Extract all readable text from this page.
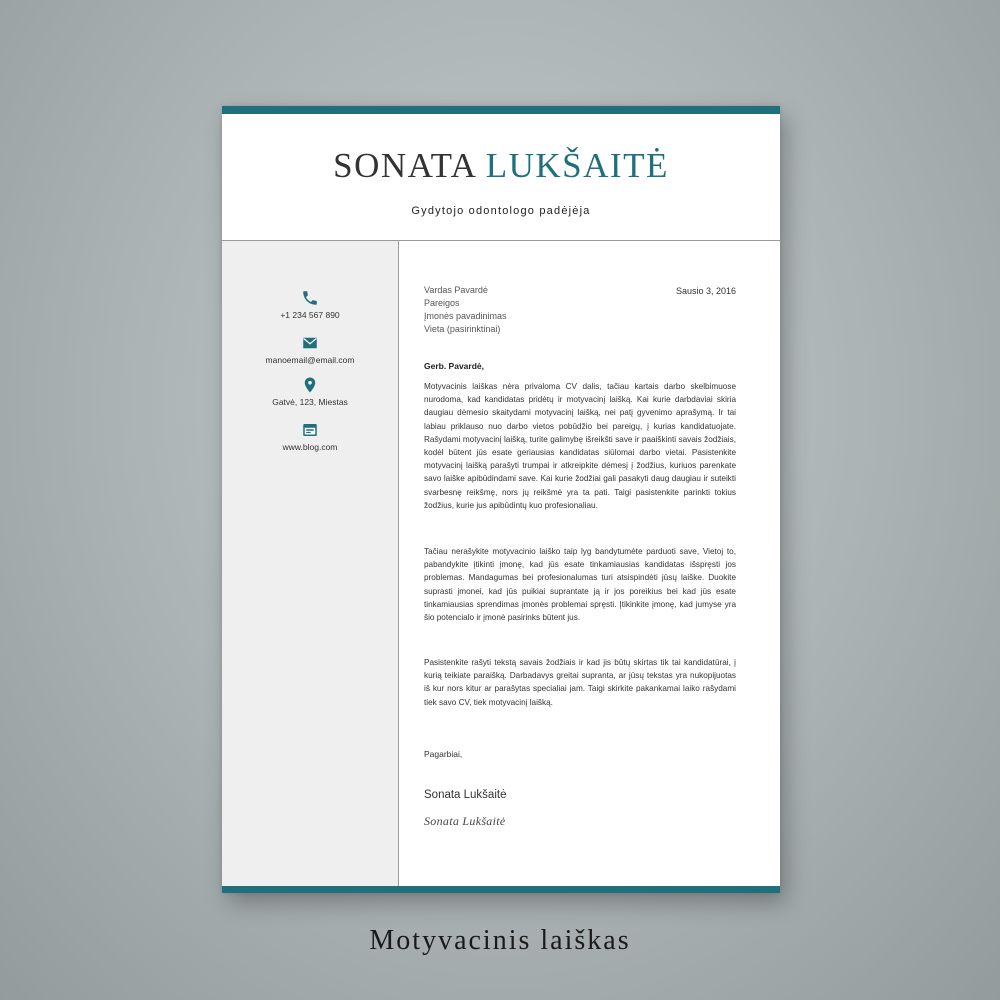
SONATA LUKŠAITĖ
Gydytojo odontologo padėjėja
+1 234 567 890
manoemail@email.com
Gatvė, 123, Miestas
www.blog.com
Vardas Pavardė
Pareigos
Įmonės pavadinimas
Vieta (pasirinktinai)
Sausio 3, 2016
Gerb. Pavardė,

Motyvacinis laiškas nėra privaloma CV dalis, tačiau kartais darbo skelbimuose nurodoma, kad kandidatas pridėtų ir motyvacinį laišką. Kai kurie darbdaviai skiria daugiau dėmesio skaitydami motyvacinį laišką, nei patį gyvenimo aprašymą. Ir tai labiau priklauso nuo darbo vietos pobūdžio bei pareigų, į kurias kandidatuojate. Rašydami motyvacinį laišką, turite galimybę išreikšti save ir paaiškinti savais žodžiais, kodėl būtent jūs esate geriausias kandidatas siūlomai darbo vietai. Pasistenkite motyvacinį laišką parašyti trumpai ir atkreipkite dėmesį į žodžius, kuriuos parenkate savo laiške apibūdindami save. Kai kurie žodžiai gali pasakyti daug daugiau ir suteikti svarbesnę reikšmę, nors jų reikšmė yra ta pati. Taigi pasistenkite parinkti tokius žodžius, kurie jus apibūdintų kuo profesionaliau.

Tačiau nerašykite motyvacinio laiško taip lyg bandytumėte parduoti save, Vietoj to, pabandykite įtikinti įmonę, kad jūs esate tinkamiausias kandidatas išspręsti jos problemas. Mandagumas bei profesionalumas turi atsispindėti jūsų laiške. Duokite suprasti įmonei, kad jūs puikiai suprantate ją ir jos poreikius bei kad jūs esate tinkamiausias sprendimas įmonės problemai spręsti. Įtikinkite įmonę, kad jumyse yra šio potencialo ir įmonė pasirinks būtent jus.

Pasistenkite rašyti tekstą savais žodžiais ir kad jis būtų skirtas tik tai kandidatūrai, į kurią teikiate paraišką. Darbadavys greitai supranta, ar jūsų tekstas yra nukopijuotas iš kur nors kitur ar parašytas specialiai jam. Taigi skirkite pakankamai laiko rašydami tiek savo CV, tiek motyvacinį laišką.

Pagarbiai,
Sonata Lukšaitė
Sonata Lukšaitė
Motyvacinis laiškas
